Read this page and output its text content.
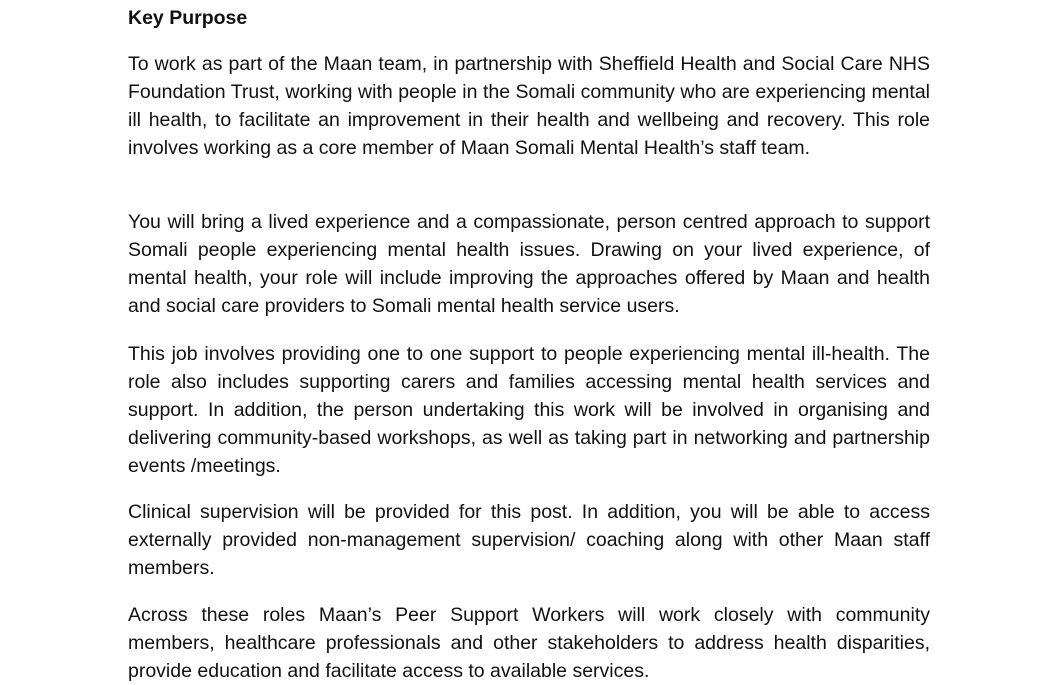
Key Purpose

To work as part of the Maan team, in partnership with Sheffield Health and Social Care NHS Foundation Trust, working with people in the Somali community who are experiencing mental ill health, to facilitate an improvement in their health and wellbeing and recovery. This role involves working as a core member of Maan Somali Mental Health’s staff team.

You will bring a lived experience and a compassionate, person centred approach to support Somali people experiencing mental health issues. Drawing on your lived experience, of mental health, your role will include improving the approaches offered by Maan and health and social care providers to Somali mental health service users.

This job involves providing one to one support to people experiencing mental ill-health. The role also includes supporting carers and families accessing mental health services and support. In addition, the person undertaking this work will be involved in organising and delivering community-based workshops, as well as taking part in networking and partnership events /meetings.

Clinical supervision will be provided for this post. In addition, you will be able to access externally provided non-management supervision/ coaching along with other Maan staff members.

Across these roles Maan’s Peer Support Workers will work closely with community members, healthcare professionals and other stakeholders to address health disparities, provide education and facilitate access to available services.
